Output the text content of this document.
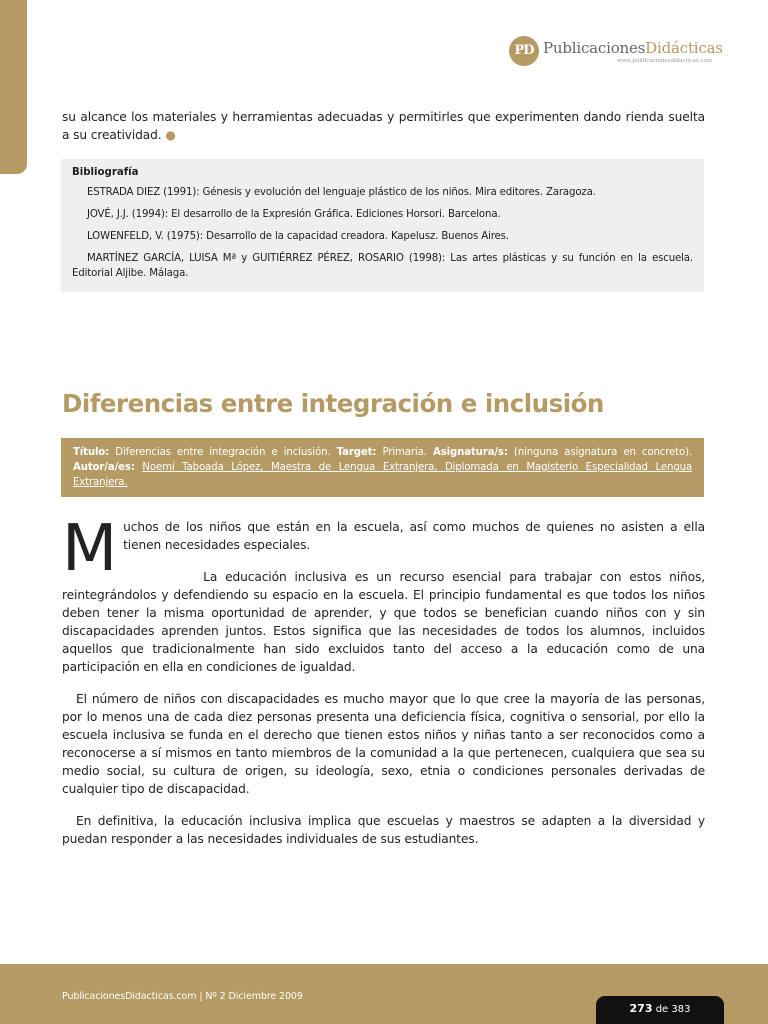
PD PublicacionesDidácticas
www.publicacionesdidacticas.com

su alcance los materiales y herramientas adecuadas y permitirles que experimenten dando rienda suelta a su creatividad. ●

Bibliografía

ESTRADA DIEZ (1991): Génesis y evolución del lenguaje plástico de los niños. Mira editores. Zaragoza.

JOVÉ, J.J. (1994): El desarrollo de la Expresión Gráfica. Ediciones Horsori. Barcelona.

LOWENFELD, V. (1975): Desarrollo de la capacidad creadora. Kapelusz. Buenos Aires.

MARTÍNEZ GARCÍA, LUISA Mª y GUITIÉRREZ PÉREZ, ROSARIO (1998): Las artes plásticas y su función en la escuela. Editorial Aljibe. Málaga.

Diferencias entre integración e inclusión
Título: Diferencias entre integración e inclusión. Target: Primaria. Asignatura/s: (ninguna asignatura en concreto). Autor/a/es: Noemí Taboada López, Maestra de Lengua Extranjera, Diplomada en Magisterio Especialidad Lengua Extranjera.

Muchos de los niños que están en la escuela, así como muchos de quienes no asisten a ella tienen necesidades especiales.

La educación inclusiva es un recurso esencial para trabajar con estos niños, reintegrándolos y defendiendo su espacio en la escuela. El principio fundamental es que todos los niños deben tener la misma oportunidad de aprender, y que todos se benefician cuando niños con y sin discapacidades aprenden juntos. Estos significa que las necesidades de todos los alumnos, incluidos aquellos que tradicionalmente han sido excluidos tanto del acceso a la educación como de una participación en ella en condiciones de igualdad.

El número de niños con discapacidades es mucho mayor que lo que cree la mayoría de las personas, por lo menos una de cada diez personas presenta una deficiencia física, cognitiva o sensorial, por ello la escuela inclusiva se funda en el derecho que tienen estos niños y niñas tanto a ser reconocidos como a reconocerse a sí mismos en tanto miembros de la comunidad a la que pertenecen, cualquiera que sea su medio social, su cultura de origen, su ideología, sexo, etnia o condiciones personales derivadas de cualquier tipo de discapacidad.

En definitiva, la educación inclusiva implica que escuelas y maestros se adapten a la diversidad y puedan responder a las necesidades individuales de sus estudiantes.

PublicacionesDidacticas.com | Nº 2 Diciembre 2009
273 de 383
